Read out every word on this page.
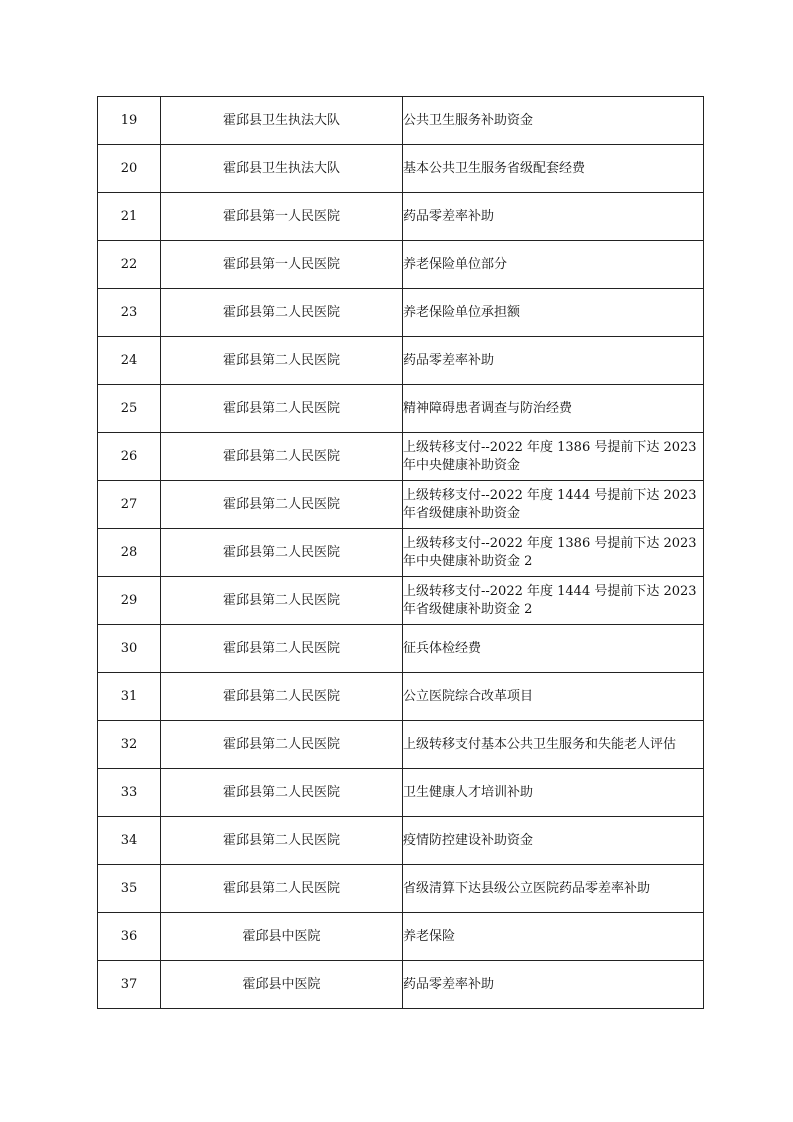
19	霍邱县卫生执法大队	公共卫生服务补助资金
20	霍邱县卫生执法大队	基本公共卫生服务省级配套经费
21	霍邱县第一人民医院	药品零差率补助
22	霍邱县第一人民医院	养老保险单位部分
23	霍邱县第二人民医院	养老保险单位承担额
24	霍邱县第二人民医院	药品零差率补助
25	霍邱县第二人民医院	精神障碍患者调查与防治经费
26	霍邱县第二人民医院	上级转移支付--2022 年度 1386 号提前下达 2023 年中央健康补助资金
27	霍邱县第二人民医院	上级转移支付--2022 年度 1444 号提前下达 2023 年省级健康补助资金
28	霍邱县第二人民医院	上级转移支付--2022 年度 1386 号提前下达 2023 年中央健康补助资金 2
29	霍邱县第二人民医院	上级转移支付--2022 年度 1444 号提前下达 2023 年省级健康补助资金 2
30	霍邱县第二人民医院	征兵体检经费
31	霍邱县第二人民医院	公立医院综合改革项目
32	霍邱县第二人民医院	上级转移支付基本公共卫生服务和失能老人评估
33	霍邱县第二人民医院	卫生健康人才培训补助
34	霍邱县第二人民医院	疫情防控建设补助资金
35	霍邱县第二人民医院	省级清算下达县级公立医院药品零差率补助
36	霍邱县中医院	养老保险
37	霍邱县中医院	药品零差率补助
